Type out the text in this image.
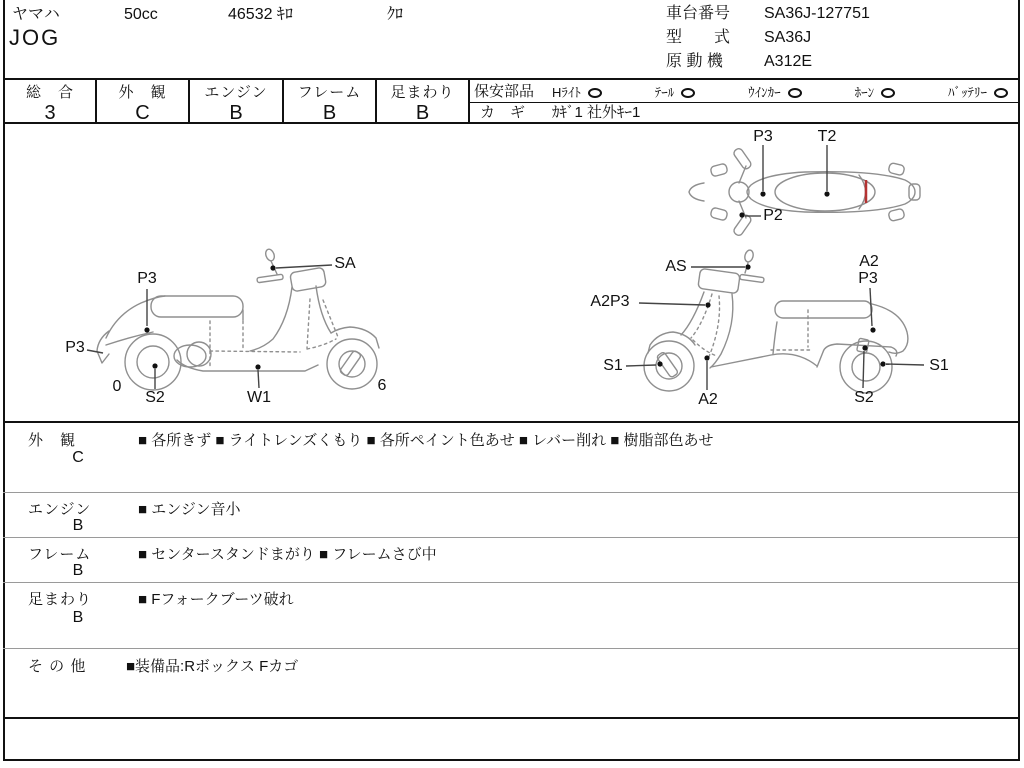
ヤマハ	50cc	46532 ｷﾛ	ｸﾛ
JOG
車台番号 SA36J-127751
型　　式 SA36J
原 動 機	A312E
総　合
3
外　観
C
エンジン
B
フレーム
B
足まわり
B
保安部品 Hﾗｲﾄ	ﾃｰﾙ	ｳｲﾝｶｰ	ﾎｰﾝ	ﾊﾞｯﾃﾘｰ
カ　ギ ｶｷﾞ1 社外ｷｰ1
P3	T2
P2
SA
P3
P3
0
S2	W1
6
AS
A2P3
A2
P3
S1
A2	S2
S1
外　観
C
■ 各所きず ■ ライトレンズくもり ■ 各所ペイント色あせ ■ レバー削れ ■ 樹脂部色あせ
エンジン
B
■ エンジン音小
フレーム
B
■ センタースタンドまがり ■ フレームさび中
足まわり
B
■ Fフォークブーツ破れ
そ の 他	■装備品:Rボックス Fカゴ
